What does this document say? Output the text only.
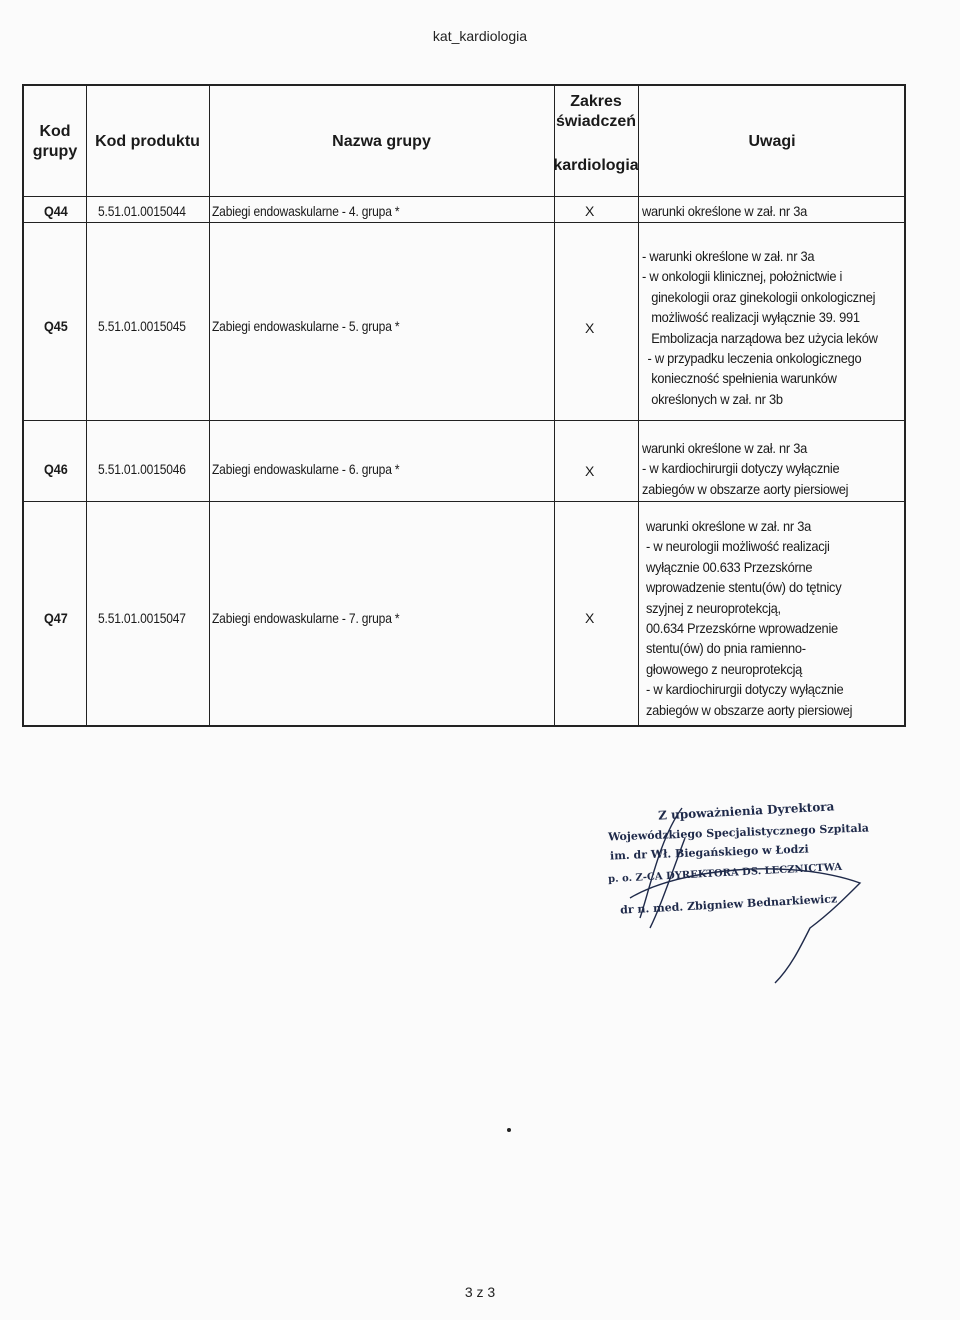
kat_kardiologia
Kod grupy
Kod produktu	Nazwa grupy
Zakres świadczeń
kardiologia
Uwagi
Q44 5.51.01.0015044 Zabiegi endowaskularne - 4. grupa *	X	warunki określone w zał. nr 3a
Q45 5.51.01.0015045 Zabiegi endowaskularne - 5. grupa *	X
- warunki określone w zał. nr 3a
- w onkologii klinicznej, położnictwie i
ginekologii oraz ginekologii onkologicznej
możliwość realizacji wyłącznie 39. 991
Embolizacja narządowa bez użycia leków
- w przypadku leczenia onkologicznego
konieczność spełnienia warunków
określonych w zał. nr 3b
Q46 5.51.01.0015046 Zabiegi endowaskularne - 6. grupa *	X
warunki określone w zał. nr 3a
- w kardiochirurgii dotyczy wyłącznie
zabiegów w obszarze aorty piersiowej
Q47 5.51.01.0015047 Zabiegi endowaskularne - 7. grupa *	X
warunki określone w zał. nr 3a
- w neurologii możliwość realizacji
wyłącznie 00.633 Przezskórne
wprowadzenie stentu(ów) do tętnicy
szyjnej z neuroprotekcją,
00.634 Przezskórne wprowadzenie
stentu(ów) do pnia ramienno-
głowowego z neuroprotekcją
- w kardiochirurgii dotyczy wyłącznie
zabiegów w obszarze aorty piersiowej
Z upoważnienia Dyrektora
Wojewódzkiego Specjalistycznego Szpitala
im. dr Wł. Biegańskiego w Łodzi
p. o. Z-CA DYREKTORA DS. LECZNICTWA
dr n. med. Zbigniew Bednarkiewicz
3 z 3
